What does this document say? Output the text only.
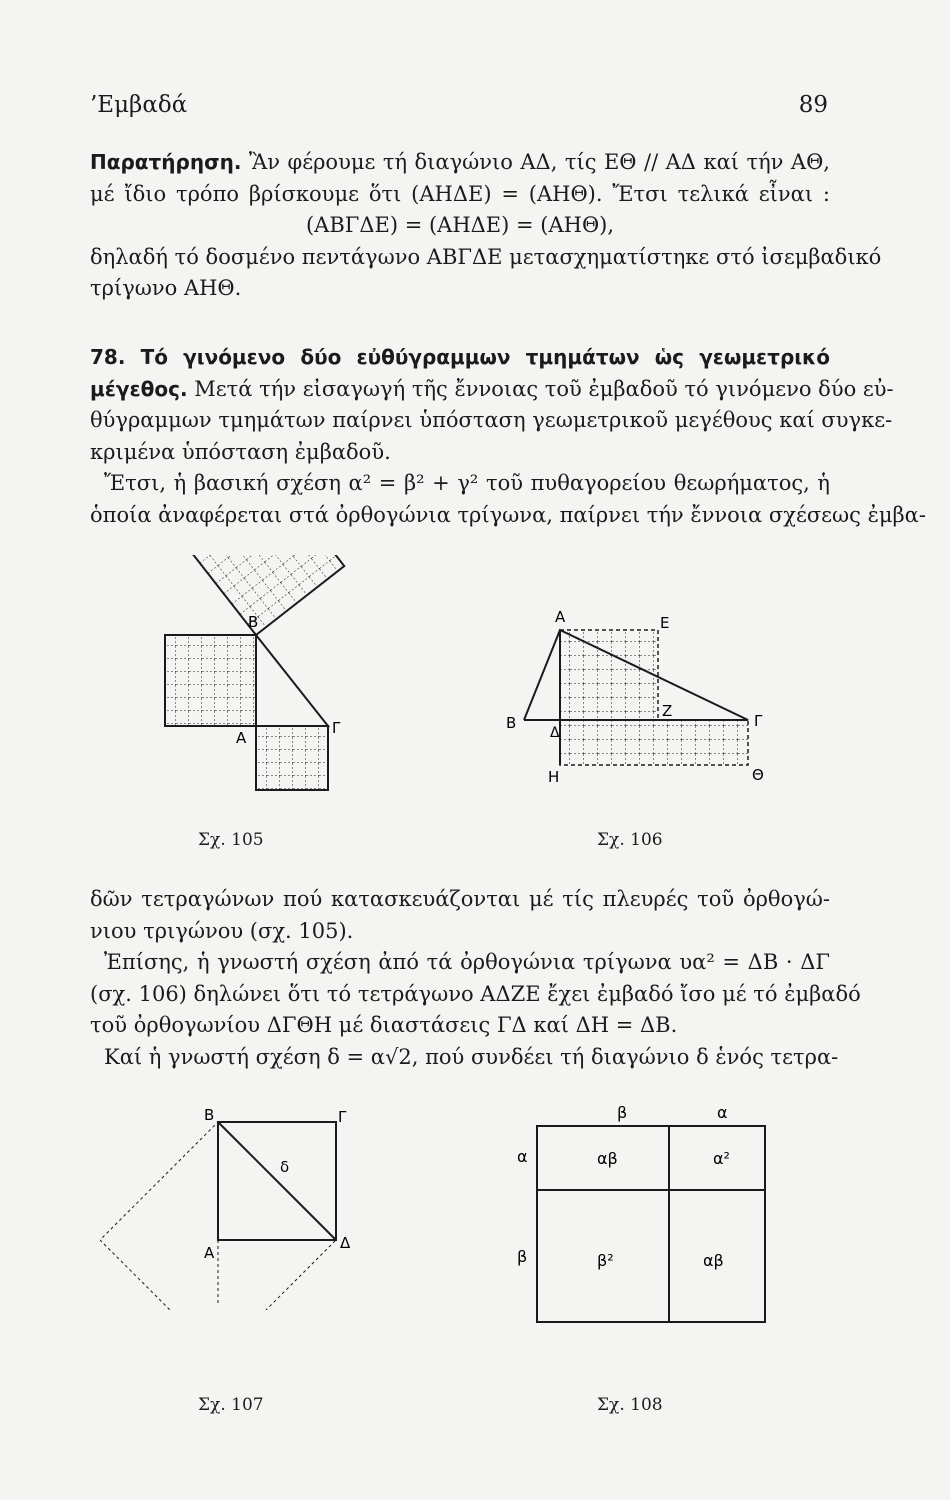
’Εμβαδά	89
Παρατήρηση. Ἂν φέρουμε τή διαγώνιο ΑΔ, τίς ΕΘ // ΑΔ καί τήν ΑΘ,
μέ ἴδιο τρόπο βρίσκουμε ὅτι (ΑΗΔΕ) = (ΑΗΘ). Ἔτσι τελικά εἶναι :
(ΑΒΓΔΕ) = (ΑΗΔΕ) = (ΑΗΘ),
δηλαδή τό δοσμένο πεντάγωνο ΑΒΓΔΕ μετασχηματίστηκε στό ἰσεμβαδικό
τρίγωνο ΑΗΘ.
78. Τό γινόμενο δύο εὐθύγραμμων τμημάτων ὡς γεωμετρικό
μέγεθος. Μετά τήν εἰσαγωγή τῆς ἔννοιας τοῦ ἐμβαδοῦ τό γινόμενο δύο εὐ-
θύγραμμων τμημάτων παίρνει ὑπόσταση γεωμετρικοῦ μεγέθους καί συγκε-
κριμένα ὑπόσταση ἐμβαδοῦ.
Ἔτσι, ἡ βασική σχέση α² = β² + γ² τοῦ πυθαγορείου θεωρήματος, ἡ
ὁποία ἀναφέρεται στά ὀρθογώνια τρίγωνα, παίρνει τήν ἔννοια σχέσεως ἐμβα-
Β
Α
Γ
Σχ. 105
Α	Ε
Β
Δ
Ζ
Γ
Η	Θ
Σχ. 106
δῶν τετραγώνων πού κατασκευάζονται μέ τίς πλευρές τοῦ ὀρθογώ-
νιου τριγώνου (σχ. 105).
Ἐπίσης, ἡ γνωστή σχέση ἀπό τά ὀρθογώνια τρίγωνα υα² = ΔΒ · ΔΓ
(σχ. 106) δηλώνει ὅτι τό τετράγωνο ΑΔΖΕ ἔχει ἐμβαδό ἴσο μέ τό ἐμβαδό
τοῦ ὀρθογωνίου ΔΓΘΗ μέ διαστάσεις ΓΔ καί ΔΗ = ΔΒ.
Καί ἡ γνωστή σχέση δ = α√2, πού συνδέει τή διαγώνιο δ ἑνός τετρα-
Β	Γ
δ
Α
Δ
Σχ. 107
β	α
α
β
αβ	α²
β²	αβ
Σχ. 108
